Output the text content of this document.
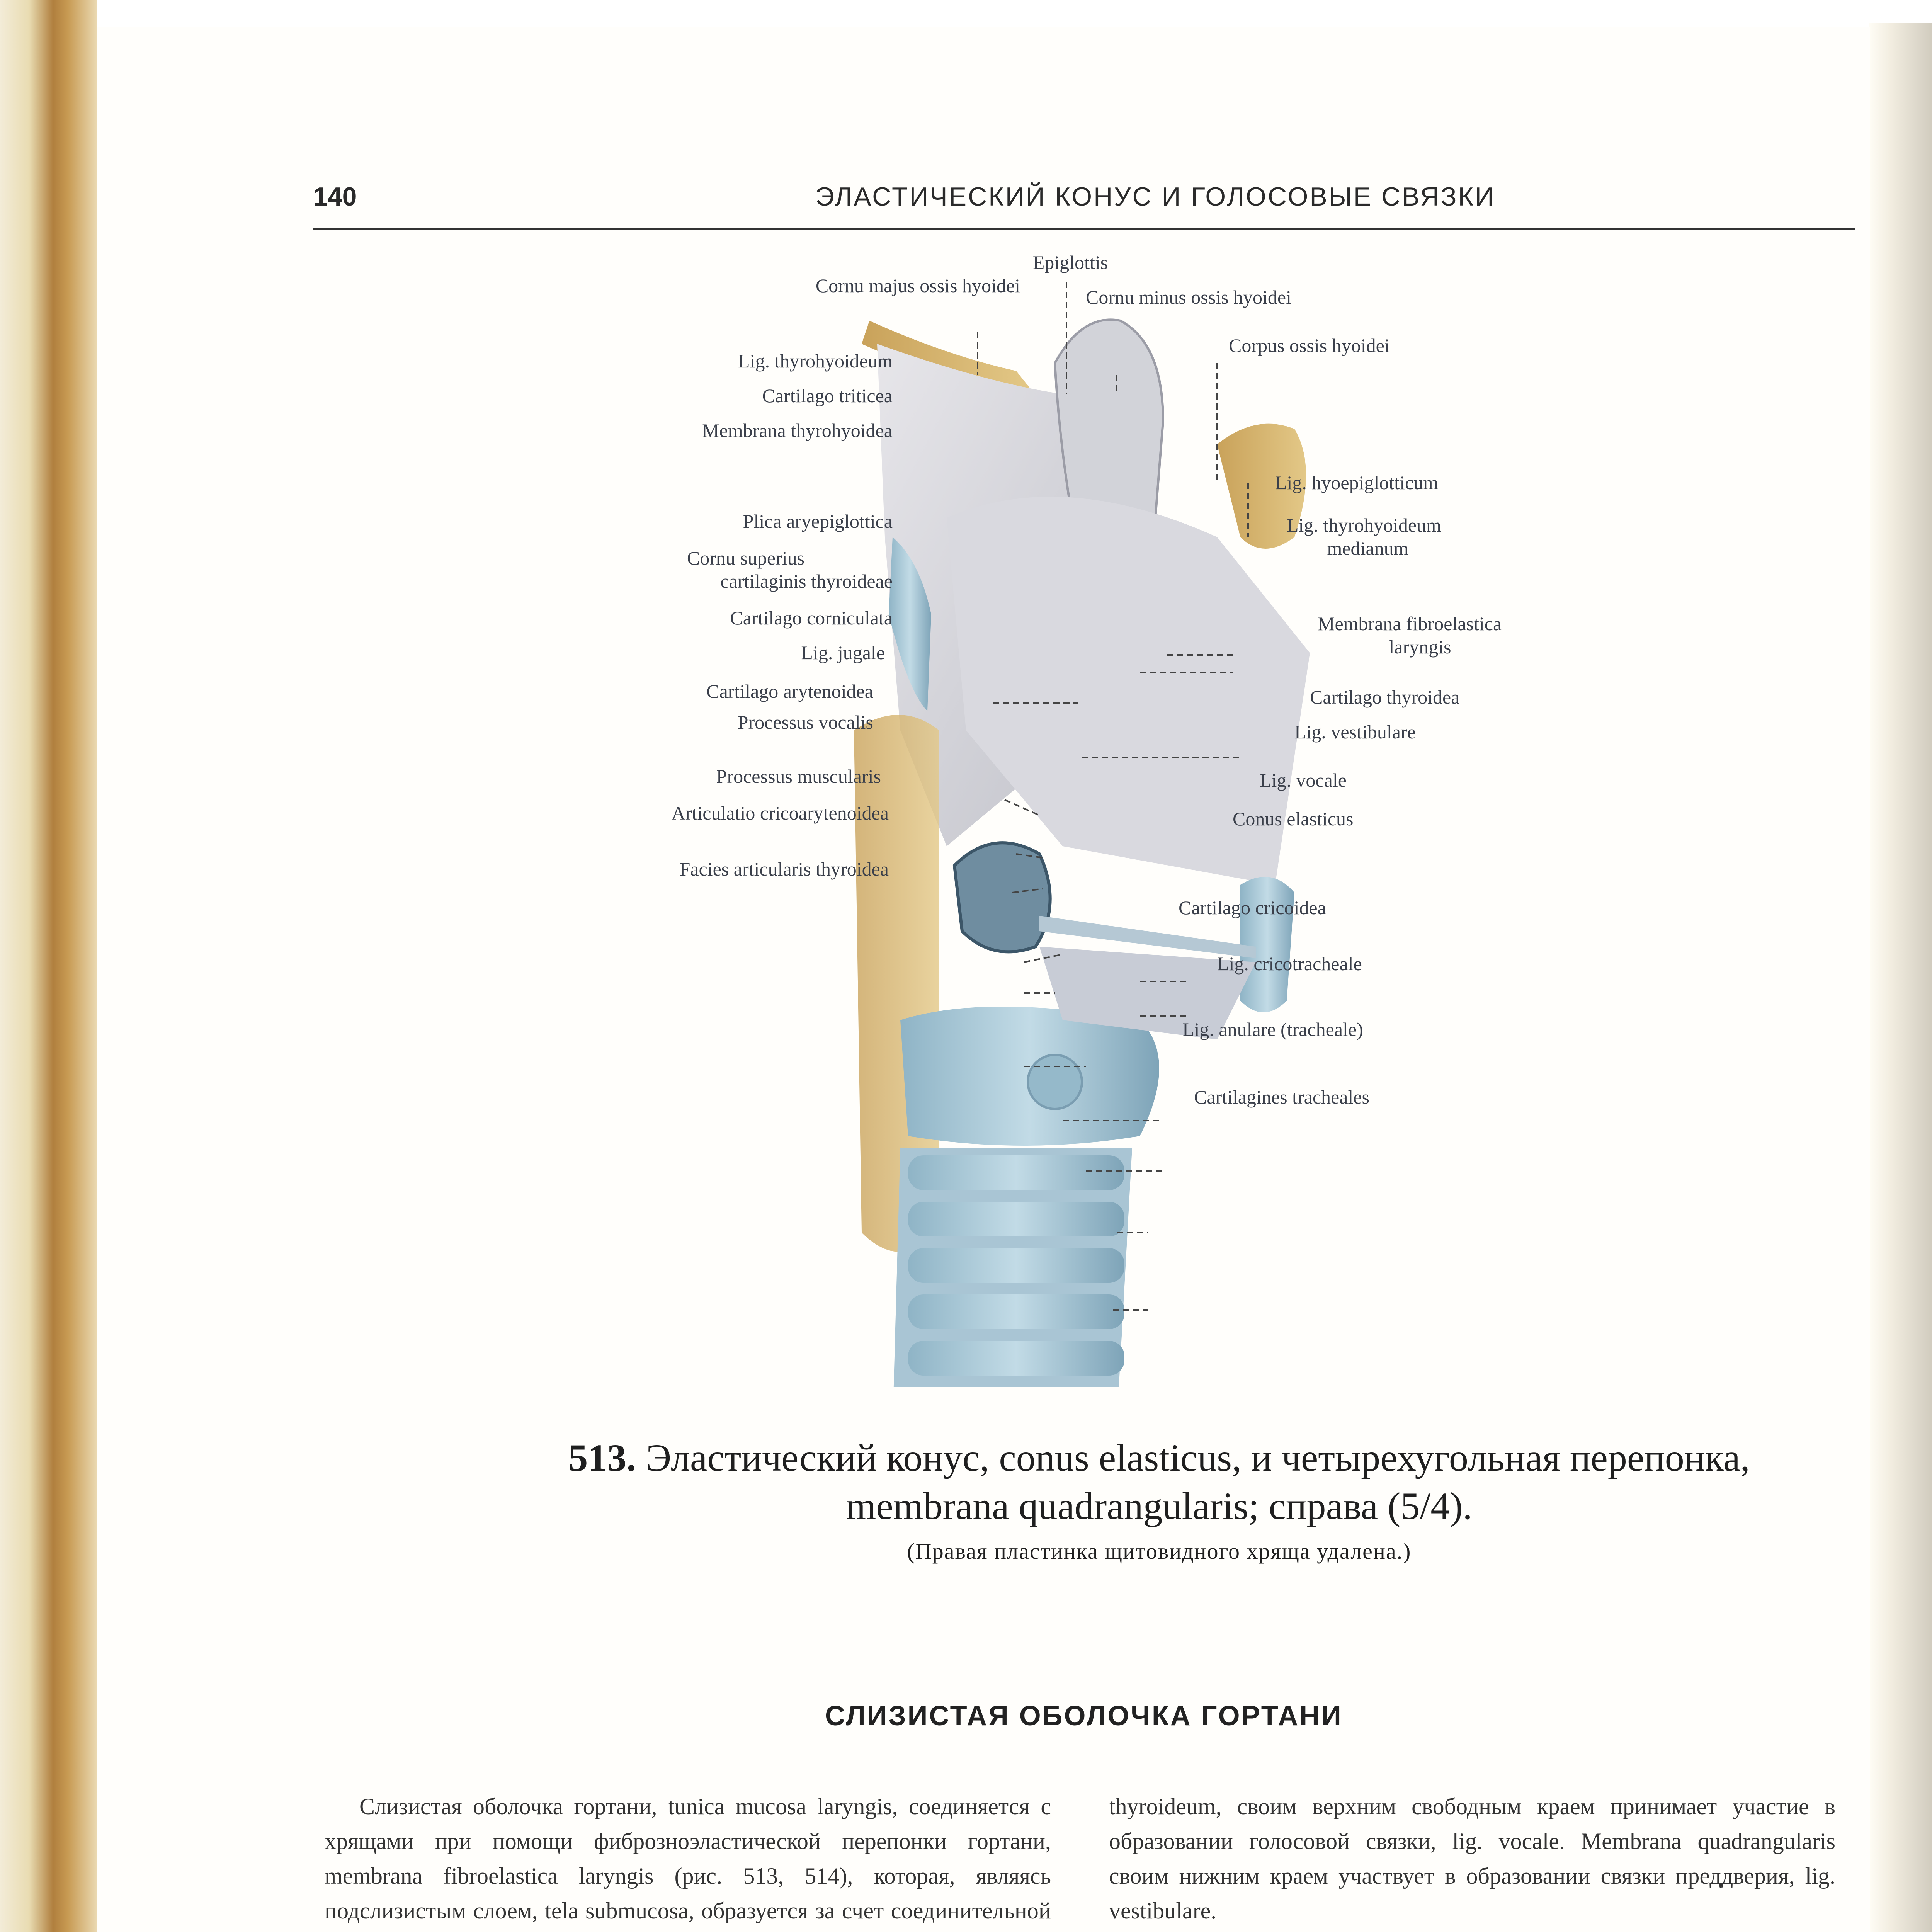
140	ЭЛАСТИЧЕСКИЙ КОНУС И ГОЛОСОВЫЕ СВЯЗКИ
Epiglottis
Cornu majus ossis hyoidei
Cornu minus ossis hyoidei
Corpus ossis hyoidei
Lig. thyrohyoideum
Cartilago triticea
Membrana thyrohyoidea
Lig. hyoepiglotticum
Plica aryepiglottica	Lig. thyrohyoideum
medianum
Cornu superius
cartilaginis thyroideae
Cartilago corniculata	Membrana fibroelastica
laryngis
Lig. jugale
Cartilago arytenoidea	Cartilago thyroidea
Processus vocalis	Lig. vestibulare
Processus muscularis	Lig. vocale
Articulatio cricoarytenoidea	Conus elasticus
Facies articularis thyroidea
Cartilago cricoidea
Lig. cricotracheale
Lig. anulare (tracheale)
Cartilagines tracheales
513. Эластический конус, conus elasticus, и четырехугольная перепонка,
membrana quadrangularis; справа (5/4).
(Правая пластинка щитовидного хряща удалена.)
СЛИЗИСТАЯ ОБОЛОЧКА ГОРТАНИ

Слизистая оболочка гортани, tunica mucosa laryngis, соединяется с хрящами при помощи фиброзноэластической перепонки гортани, membrana fibroelastica laryngis (рис. 513, 514), которая, являясь подслизистым слоем, tela submucosa, образуется за счет соединительной

thyroideum, своим верхним свободным краем принимает участие в образовании голосовой связки, lig. vocale. Membrana quadrangularis своим нижним краем участвует в образовании связки преддверия, lig. vestibulare.
